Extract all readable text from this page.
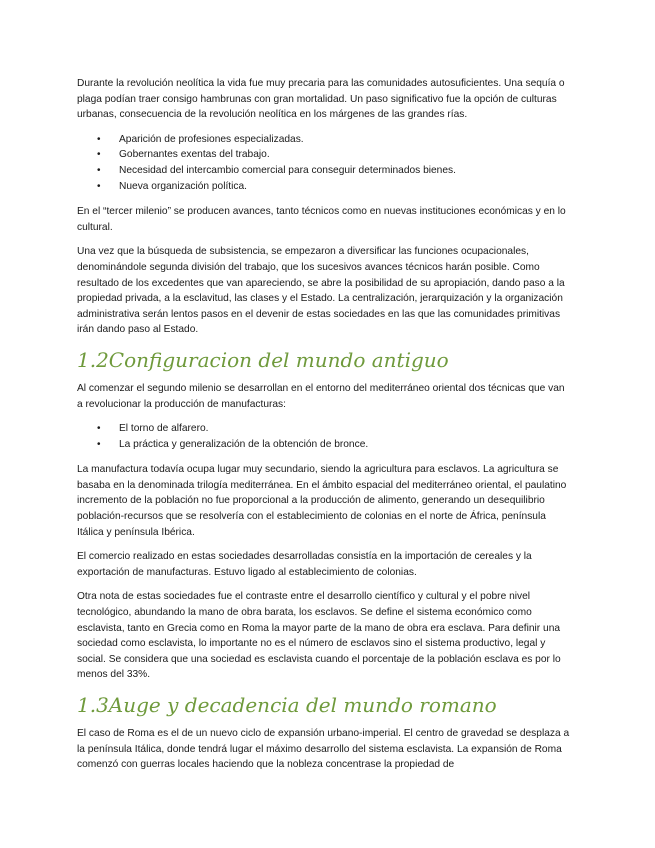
Durante la revolución neolítica la vida fue muy precaria para las comunidades autosuficientes. Una sequía o plaga podían traer consigo hambrunas con gran mortalidad. Un paso significativo fue la opción de culturas urbanas, consecuencia de la revolución neolítica en los márgenes de las grandes rías.

• Aparición de profesiones especializadas.
• Gobernantes exentas del trabajo.
• Necesidad del intercambio comercial para conseguir determinados bienes.
• Nueva organización política.

En el “tercer milenio” se producen avances, tanto técnicos como en nuevas instituciones económicas y en lo cultural.

Una vez que la búsqueda de subsistencia, se empezaron a diversificar las funciones ocupacionales, denominándole segunda división del trabajo, que los sucesivos avances técnicos harán posible. Como resultado de los excedentes que van apareciendo, se abre la posibilidad de su apropiación, dando paso a la propiedad privada, a la esclavitud, las clases y el Estado. La centralización, jerarquización y la organización administrativa serán lentos pasos en el devenir de estas sociedades en las que las comunidades primitivas irán dando paso al Estado.

1.2Configuracion del mundo antiguo

Al comenzar el segundo milenio se desarrollan en el entorno del mediterráneo oriental dos técnicas que van a revolucionar la producción de manufacturas:

• El torno de alfarero.
• La práctica y generalización de la obtención de bronce.

La manufactura todavía ocupa lugar muy secundario, siendo la agricultura para esclavos. La agricultura se basaba en la denominada trilogía mediterránea. En el ámbito espacial del mediterráneo oriental, el paulatino incremento de la población no fue proporcional a la producción de alimento, generando un desequilibrio población-recursos que se resolvería con el establecimiento de colonias en el norte de África, península Itálica y península Ibérica.

El comercio realizado en estas sociedades desarrolladas consistía en la importación de cereales y la exportación de manufacturas. Estuvo ligado al establecimiento de colonias.

Otra nota de estas sociedades fue el contraste entre el desarrollo científico y cultural y el pobre nivel tecnológico, abundando la mano de obra barata, los esclavos. Se define el sistema económico como esclavista, tanto en Grecia como en Roma la mayor parte de la mano de obra era esclava. Para definir una sociedad como esclavista, lo importante no es el número de esclavos sino el sistema productivo, legal y social. Se considera que una sociedad es esclavista cuando el porcentaje de la población esclava es por lo menos del 33%.

1.3Auge y decadencia del mundo romano

El caso de Roma es el de un nuevo ciclo de expansión urbano-imperial. El centro de gravedad se desplaza a la península Itálica, donde tendrá lugar el máximo desarrollo del sistema esclavista. La expansión de Roma comenzó con guerras locales haciendo que la nobleza concentrase la propiedad de
